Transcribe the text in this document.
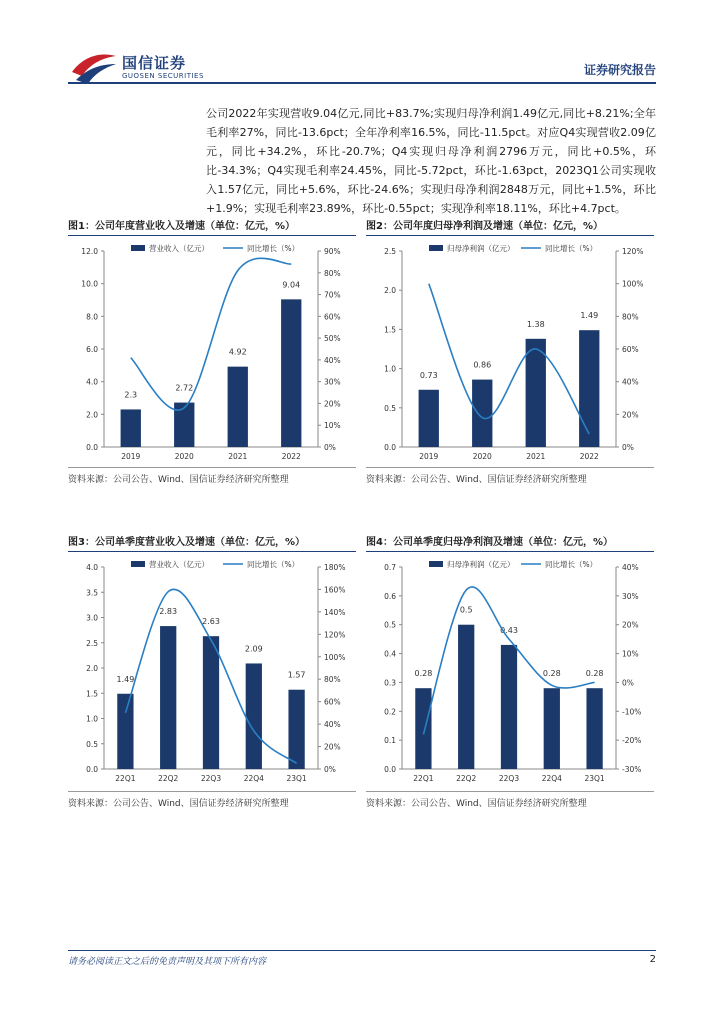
国信证券
GUOSEN SECURITIES	证券研究报告
公司2022年实现营收9.04亿元,同比+83.7%;实现归母净利润1.49亿元,同比+8.21%;全年毛利率27%，同比-13.6pct；全年净利率16.5%，同比-11.5pct。对应Q4实现营收2.09亿元，同比+34.2%，环比-20.7%；Q4实现归母净利润2796万元，同比+0.5%，环比-34.3%；Q4实现毛利率24.45%，同比-5.72pct，环比-1.63pct，2023Q1公司实现收入1.57亿元，同比+5.6%，环比-24.6%；实现归母净利润2848万元，同比+1.5%，环比+1.9%；实现毛利率23.89%，环比-0.55pct；实现净利率18.11%，环比+4.7pct。
图1：公司年度营业收入及增速（单位：亿元，%）
0.0
2.0
4.0
6.0
8.0
10.0
12.0
0%
10%
20%
30%
40%
50%
60%
70%
80%
90%
2.3
2.72
4.92
9.04
2019	2020	2021	2022
营业收入（亿元）	同比增长（%）
资料来源：公司公告、Wind、国信证券经济研究所整理
图2：公司年度归母净利润及增速（单位：亿元，%）
0.0
0.5
1.0
1.5
2.0
2.5
0%
20%
40%
60%
80%
100%
120%
0.73
0.86
1.38
1.49
2019	2020	2021	2022
归母净利润（亿元）	同比增长（%）
资料来源：公司公告、Wind、国信证券经济研究所整理
图3：公司单季度营业收入及增速（单位：亿元，%）
0.0
0.5
1.0
1.5
2.0
2.5
3.0
3.5
4.0
0%
20%
40%
60%
80%
100%
120%
140%
160%
180%
1.49
2.83
2.63
2.09
1.57
22Q1	22Q2	22Q3	22Q4	23Q1
营业收入（亿元）	同比增长（%）
资料来源：公司公告、Wind、国信证券经济研究所整理
图4：公司单季度归母净利润及增速（单位：亿元，%）
0.0
0.1
0.2
0.3
0.4
0.5
0.6
0.7
-30%
-20%
-10%
0%
10%
20%
30%
40%
0.28
0.5
0.43
0.28	0.28
22Q1	22Q2	22Q3	22Q4	23Q1
归母净利润（亿元）	同比增长（%）
资料来源：公司公告、Wind、国信证券经济研究所整理
请务必阅读正文之后的免责声明及其项下所有内容	2
